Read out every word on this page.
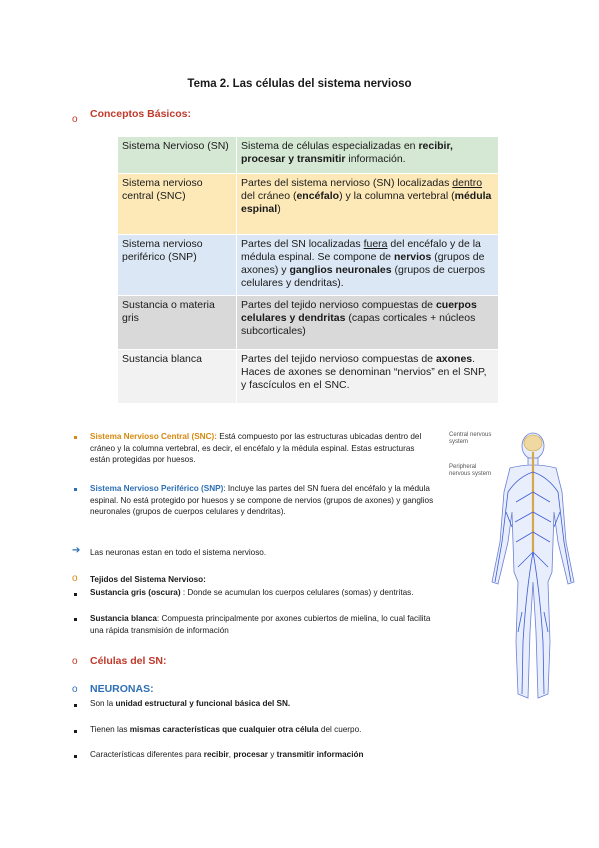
Tema 2. Las células del sistema nervioso
o Conceptos Básicos:
Sistema Nervioso (SN)	Sistema de células especializadas en recibir, procesar y transmitir información.
Sistema nervioso central (SNC)	Partes del sistema nervioso (SN) localizadas dentro del cráneo (encéfalo) y la columna vertebral (médula espinal)
Sistema nervioso periférico (SNP)	Partes del SN localizadas fuera del encéfalo y de la médula espinal. Se compone de nervios (grupos de axones) y ganglios neuronales (grupos de cuerpos celulares y dendritas).
Sustancia o materia gris	Partes del tejido nervioso compuestas de cuerpos celulares y dendritas (capas corticales + núcleos subcorticales)
Sustancia blanca	Partes del tejido nervioso compuestas de axones. Haces de axones se denominan “nervios” en el SNP, y fascículos en el SNC.
Sistema Nervioso Central (SNC): Está compuesto por las estructuras ubicadas dentro del cráneo y la columna vertebral, es decir, el encéfalo y la médula espinal. Estas estructuras están protegidas por huesos.
Sistema Nervioso Periférico (SNP): Incluye las partes del SN fuera del encéfalo y la médula espinal. No está protegido por huesos y se compone de nervios (grupos de axones) y ganglios neuronales (grupos de cuerpos celulares y dendritas).
➔ Las neuronas estan en todo el sistema nervioso.
o Tejidos del Sistema Nervioso:
Sustancia gris (oscura) : Donde se acumulan los cuerpos celulares (somas) y dentritas.
Sustancia blanca: Compuesta principalmente por axones cubiertos de mielina, lo cual facilita una rápida transmisión de información
o Células del SN:
o NEURONAS:
Son la unidad estructural y funcional básica del SN.
Tienen las mismas características que cualquier otra célula del cuerpo.
Características diferentes para recibir, procesar y transmitir información
Central nervous system
Peripheral nervous system
